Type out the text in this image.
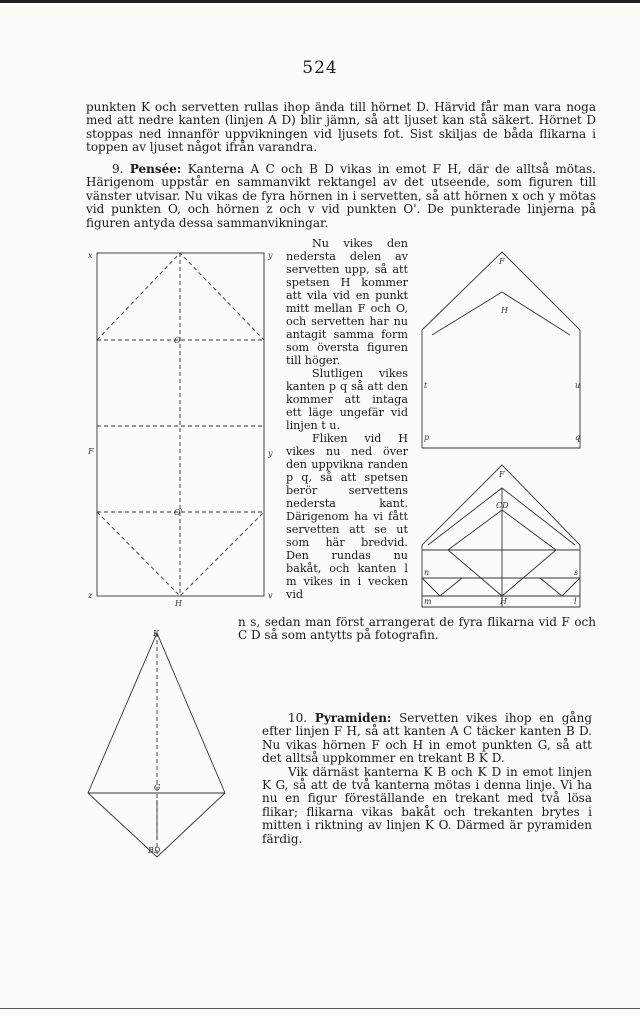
524

punkten K och servetten rullas ihop ända till hörnet D. Härvid får man vara noga med att nedre kanten (linjen A D) blir jämn, så att ljuset kan stå säkert. Hörnet D stoppas ned innanför uppvikningen vid ljusets fot. Sist skiljas de båda flikarna i toppen av ljuset något ifrån varandra.

9. Pensée: Kanterna A C och B D vikas in emot F H, där de alltså mötas. Härigenom uppstår en sammanvikt rektangel av det utseende, som figuren till vänster utvisar. Nu vikas de fyra hörnen in i servetten, så att hörnen x och y mötas vid punkten O, och hörnen z och v vid punkten O'. De punkterade linjerna på figuren antyda dessa sammanvikningar.

Nu vikes den nedersta delen av servetten upp, så att spetsen H kommer att vila vid en punkt mitt mellan F och O, och servetten har nu antagit samma form som översta figuren till höger.

Slutligen vikes kanten p q så att den kommer att intaga ett läge ungefär vid linjen t u.

Fliken vid H vikes nu ned över den uppvikna randen p q, så att spetsen berör servettens nedersta kant. Därigenom ha vi fått servetten att se ut som här bredvid. Den rundas nu bakåt, och kanten l m vikes in i vecken vid

n s, sedan man först arrangerat de fyra flikarna vid F och C D så som antytts på fotografin.

10. Pyramiden: Servetten vikes ihop en gång efter linjen F H, så att kanten A C täcker kanten B D. Nu vikas hörnen F och H in emot punkten G, så att det alltså uppkommer en trekant B K D.

Vik därnäst kanterna K B och K D in emot linjen K G, så att de två kanterna mötas i denna linje. Vi ha nu en figur föreställande en trekant med två lösa flikar; flikarna vikas bakåt och trekanten brytes i mitten i riktning av linjen K O. Därmed är pyramiden färdig.

x	y
O
F	y
O'
z	v
H
F
H
t	u
p	q
F
CD
n	s
m	l
H
K
G
BD
